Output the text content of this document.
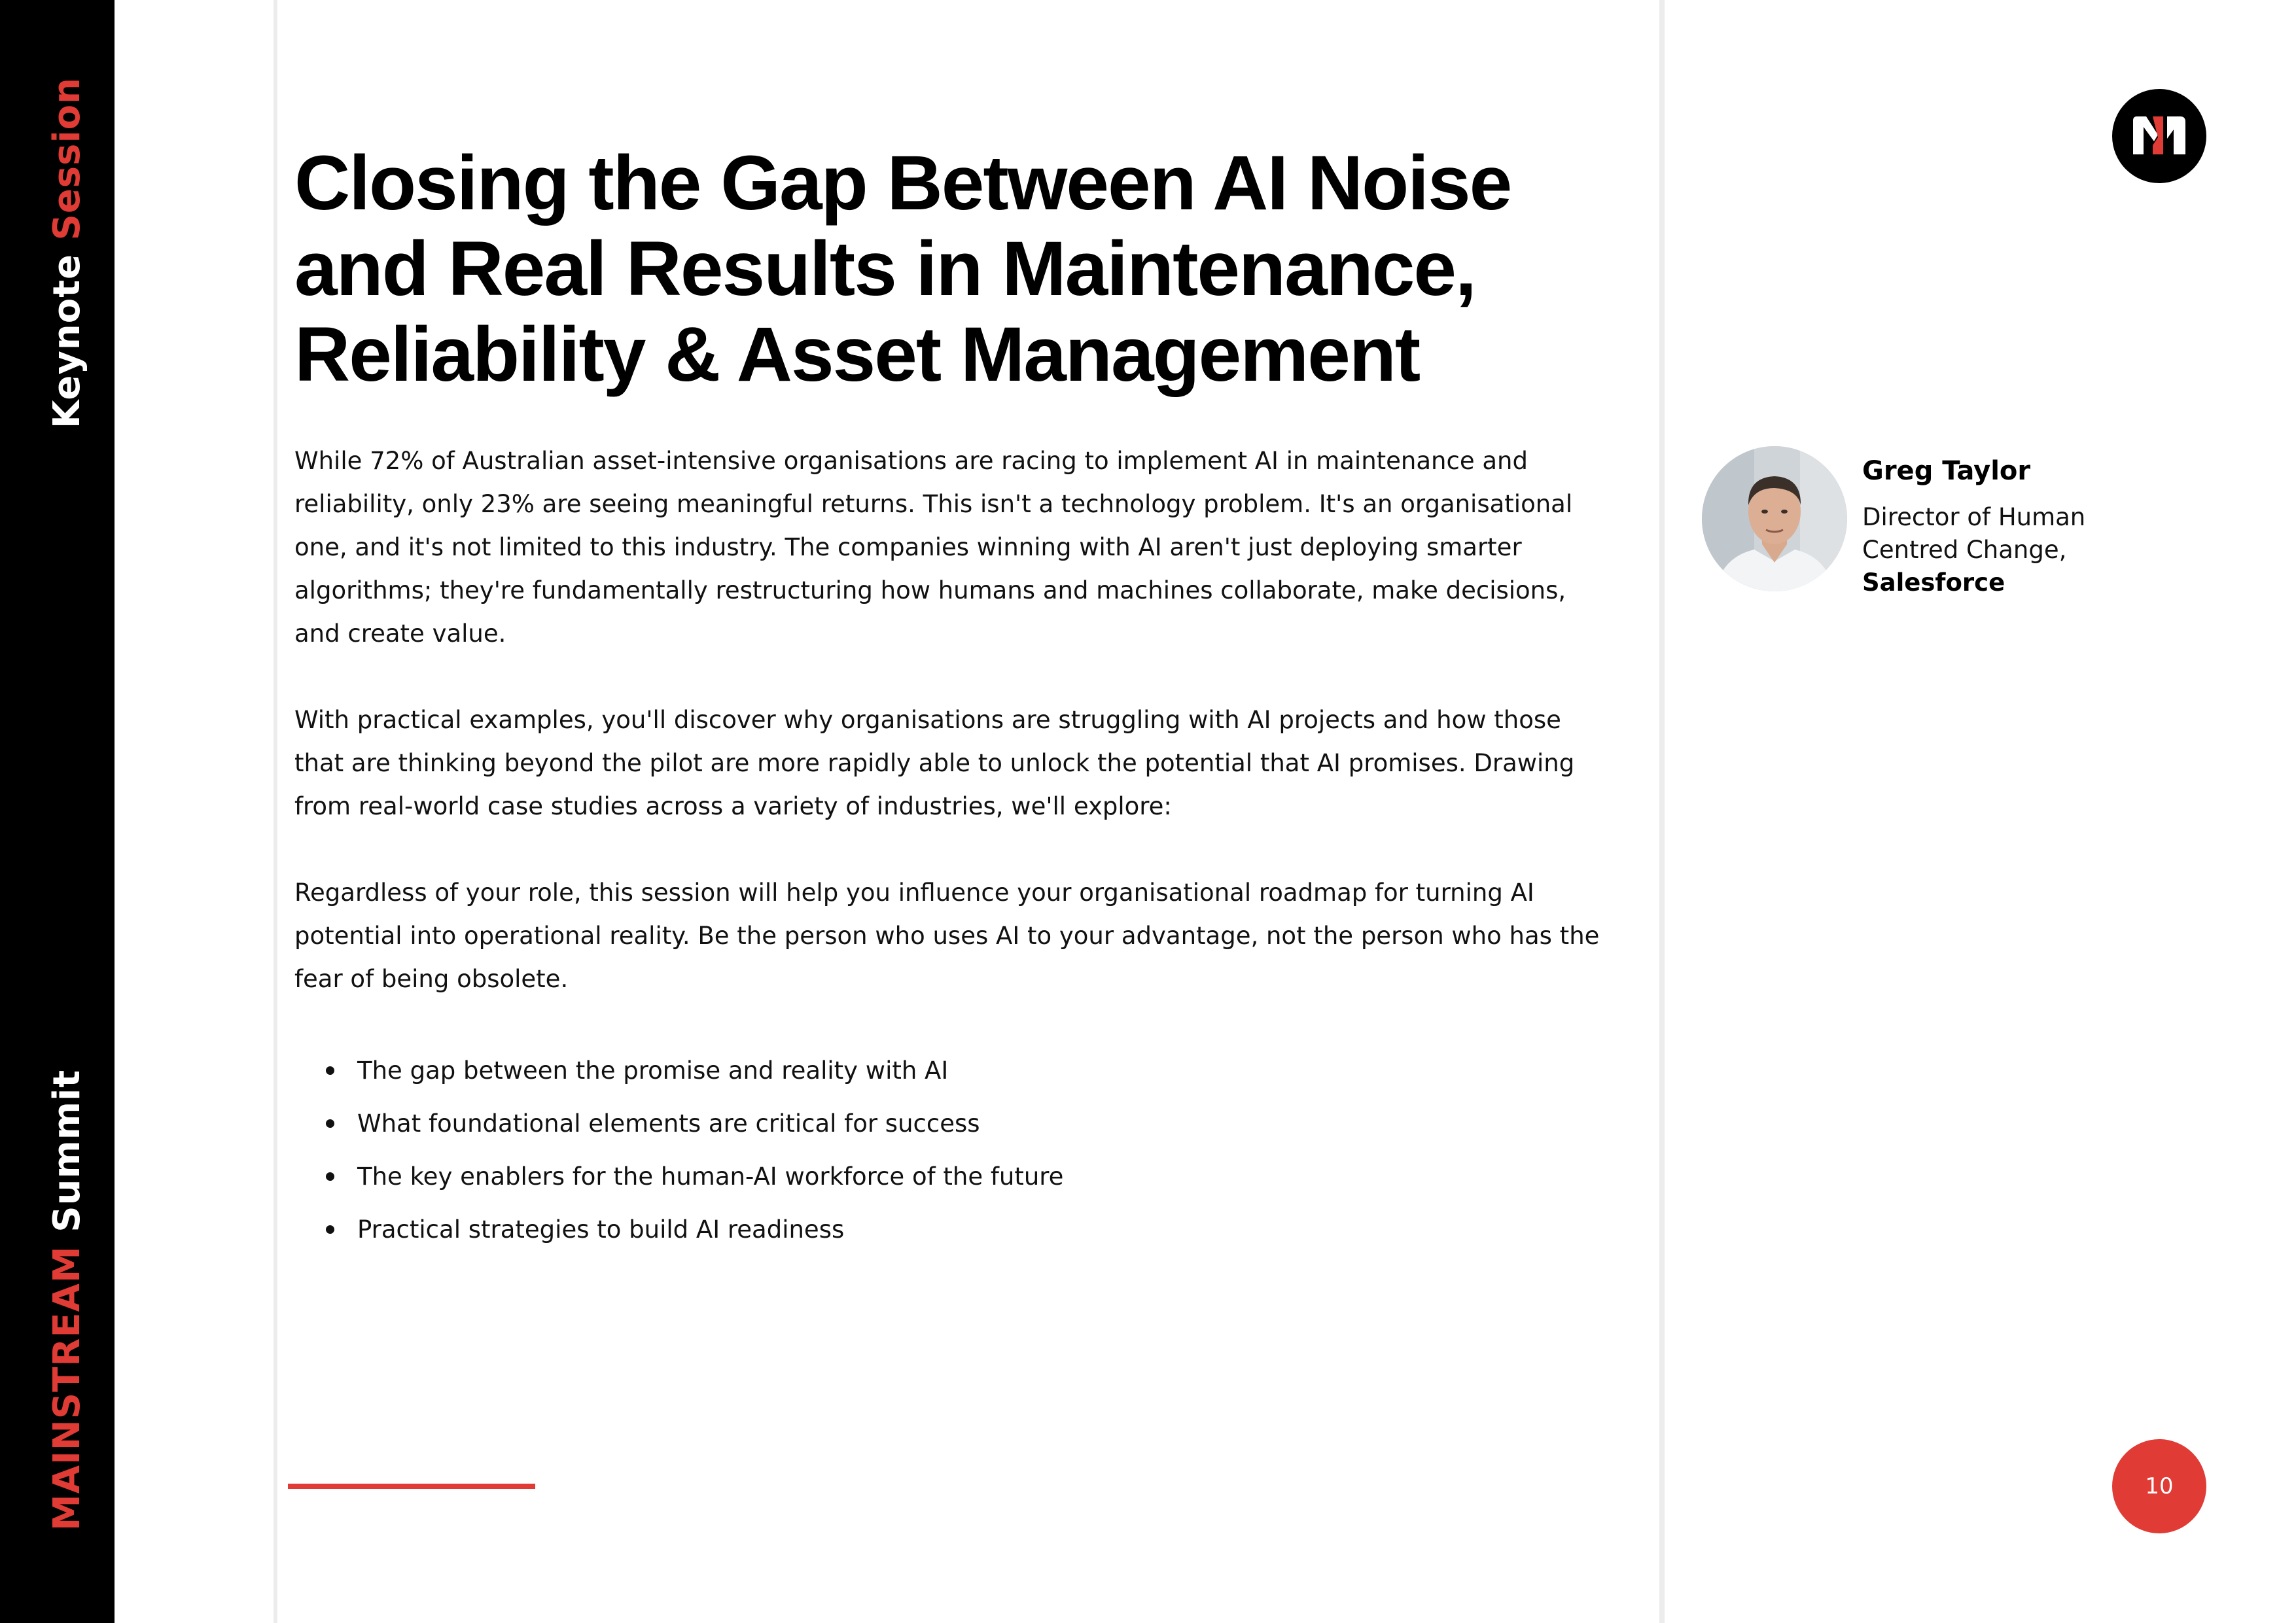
Keynote Session
MAINSTREAM Summit
Closing the Gap Between AI Noise and Real Results in Maintenance, Reliability & Asset Management

While 72% of Australian asset-intensive organisations are racing to implement AI in maintenance and reliability, only 23% are seeing meaningful returns. This isn't a technology problem. It's an organisational one, and it's not limited to this industry. The companies winning with AI aren't just deploying smarter algorithms; they're fundamentally restructuring how humans and machines collaborate, make decisions, and create value.

With practical examples, you'll discover why organisations are struggling with AI projects and how those that are thinking beyond the pilot are more rapidly able to unlock the potential that AI promises. Drawing from real-world case studies across a variety of industries, we'll explore:

Regardless of your role, this session will help you influence your organisational roadmap for turning AI potential into operational reality. Be the person who uses AI to your advantage, not the person who has the fear of being obsolete.

The gap between the promise and reality with AI
What foundational elements are critical for success
The key enablers for the human-AI workforce of the future
Practical strategies to build AI readiness
Greg Taylor
Director of Human Centred Change,
Salesforce
10
